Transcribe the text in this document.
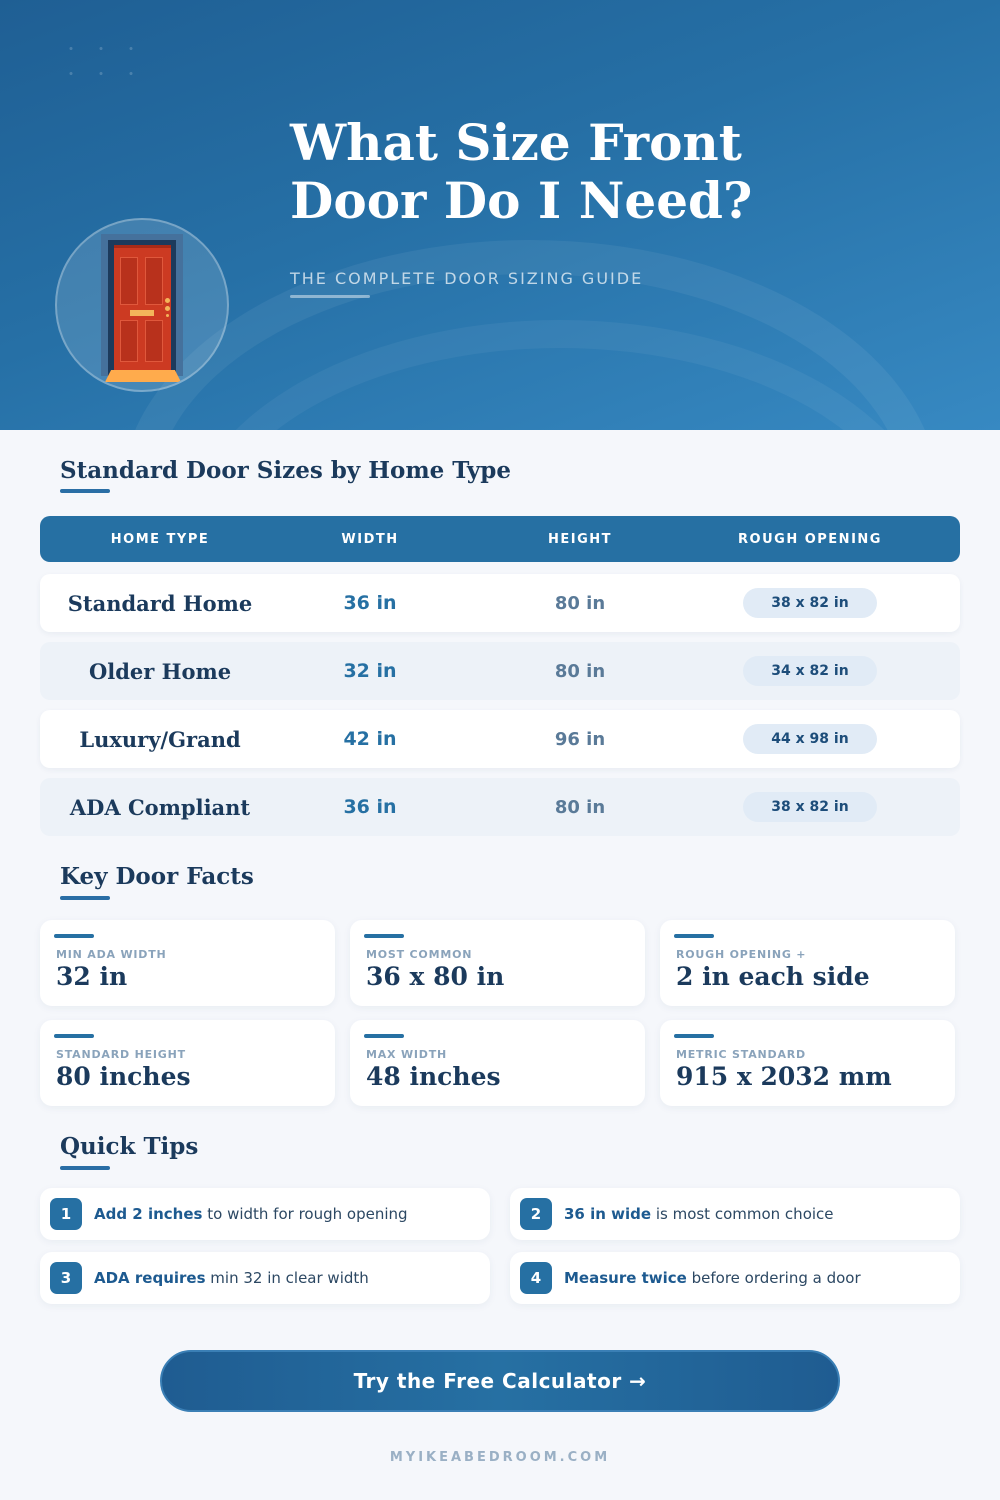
What Size Front
Door Do I Need?
THE COMPLETE DOOR SIZING GUIDE
Standard Door Sizes by Home Type
HOME TYPE	WIDTH	HEIGHT	ROUGH OPENING
Standard Home	36 in	80 in	38 x 82 in
Older Home	32 in	80 in	34 x 82 in
Luxury/Grand	42 in	96 in	44 x 98 in
ADA Compliant	36 in	80 in	38 x 82 in
Key Door Facts
MIN ADA WIDTH
32 in
MOST COMMON
36 x 80 in
ROUGH OPENING +
2 in each side
STANDARD HEIGHT
80 inches
MAX WIDTH
48 inches
METRIC STANDARD
915 x 2032 mm
Quick Tips
1	Add 2 inches to width for rough opening	2	36 in wide is most common choice
3	ADA requires min 32 in clear width	4	Measure twice before ordering a door
Try the Free Calculator →
MYIKEABEDROOM.COM
